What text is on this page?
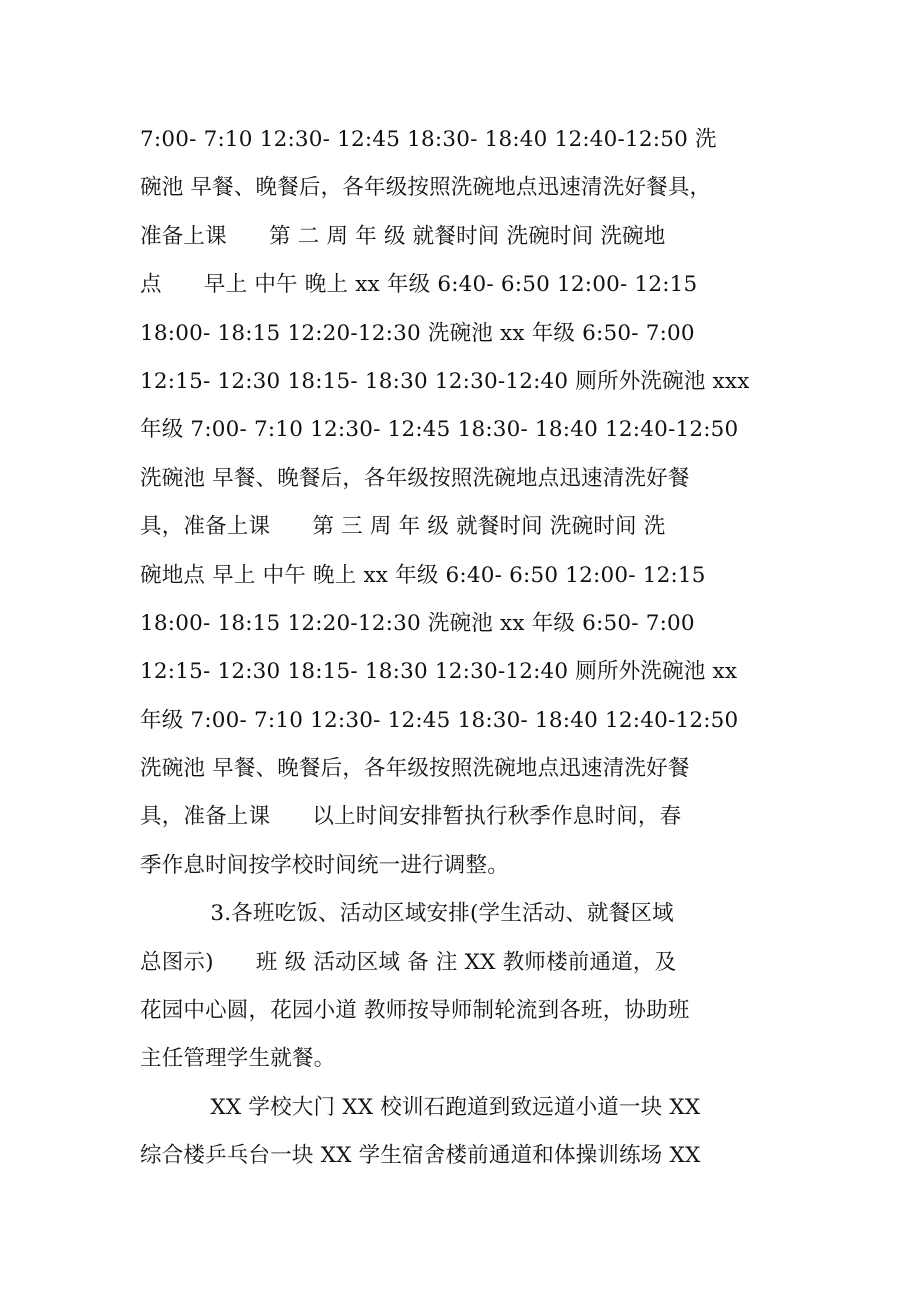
7:00- 7:10 12:30- 12:45 18:30- 18:40 12:40-12:50 洗
碗池 早餐、晚餐后，各年级按照洗碗地点迅速清洗好餐具，
准备上课      第 二 周 年 级 就餐时间 洗碗时间 洗碗地
点      早上 中午 晚上 xx 年级 6:40- 6:50 12:00- 12:15
18:00- 18:15 12:20-12:30 洗碗池 xx 年级 6:50- 7:00
12:15- 12:30 18:15- 18:30 12:30-12:40 厕所外洗碗池 xxx
年级 7:00- 7:10 12:30- 12:45 18:30- 18:40 12:40-12:50
洗碗池 早餐、晚餐后，各年级按照洗碗地点迅速清洗好餐
具，准备上课      第 三 周 年 级 就餐时间 洗碗时间 洗
碗地点 早上 中午 晚上 xx 年级 6:40- 6:50 12:00- 12:15
18:00- 18:15 12:20-12:30 洗碗池 xx 年级 6:50- 7:00
12:15- 12:30 18:15- 18:30 12:30-12:40 厕所外洗碗池 xx
年级 7:00- 7:10 12:30- 12:45 18:30- 18:40 12:40-12:50
洗碗池 早餐、晚餐后，各年级按照洗碗地点迅速清洗好餐
具，准备上课      以上时间安排暂执行秋季作息时间，春
季作息时间按学校时间统一进行调整。
3.各班吃饭、活动区域安排(学生活动、就餐区域
总图示)      班 级 活动区域 备 注 XX 教师楼前通道，及
花园中心圆，花园小道 教师按导师制轮流到各班，协助班
主任管理学生就餐。
XX 学校大门 XX 校训石跑道到致远道小道一块 XX
综合楼乒乓台一块 XX 学生宿舍楼前通道和体操训练场 XX
